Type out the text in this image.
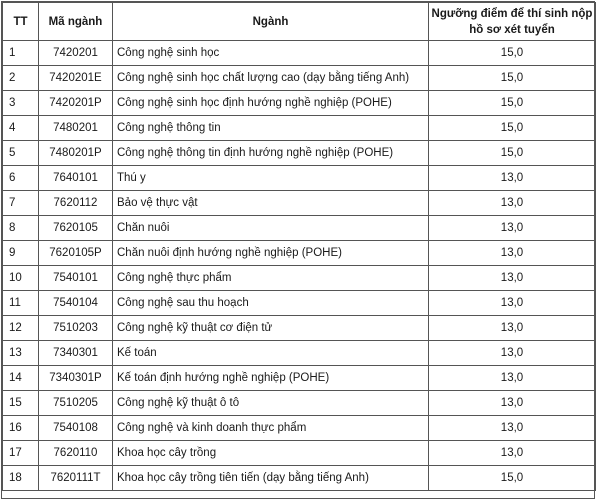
TT	Mã ngành	Ngành	Ngưỡng điểm để thí sinh nộp hồ sơ xét tuyển
1	7420201	Công nghệ sinh học	15,0
2	7420201E	Công nghệ sinh học chất lượng cao (dạy bằng tiếng Anh)	15,0
3	7420201P	Công nghệ sinh học định hướng nghề nghiệp (POHE)	15,0
4	7480201	Công nghệ thông tin	15,0
5	7480201P	Công nghệ thông tin định hướng nghề nghiệp (POHE)	15,0
6	7640101	Thú y	13,0
7	7620112	Bảo vệ thực vật	13,0
8	7620105	Chăn nuôi	13,0
9	7620105P	Chăn nuôi định hướng nghề nghiệp (POHE)	13,0
10	7540101	Công nghệ thực phẩm	13,0
11	7540104	Công nghệ sau thu hoạch	13,0
12	7510203	Công nghệ kỹ thuật cơ điện tử	13,0
13	7340301	Kế toán	13,0
14	7340301P	Kế toán định hướng nghề nghiệp (POHE)	13,0
15	7510205	Công nghệ kỹ thuật ô tô	13,0
16	7540108	Công nghệ và kinh doanh thực phẩm	13,0
17	7620110	Khoa học cây trồng	13,0
18	7620111T	Khoa học cây trồng tiên tiến (dạy bằng tiếng Anh)	15,0
